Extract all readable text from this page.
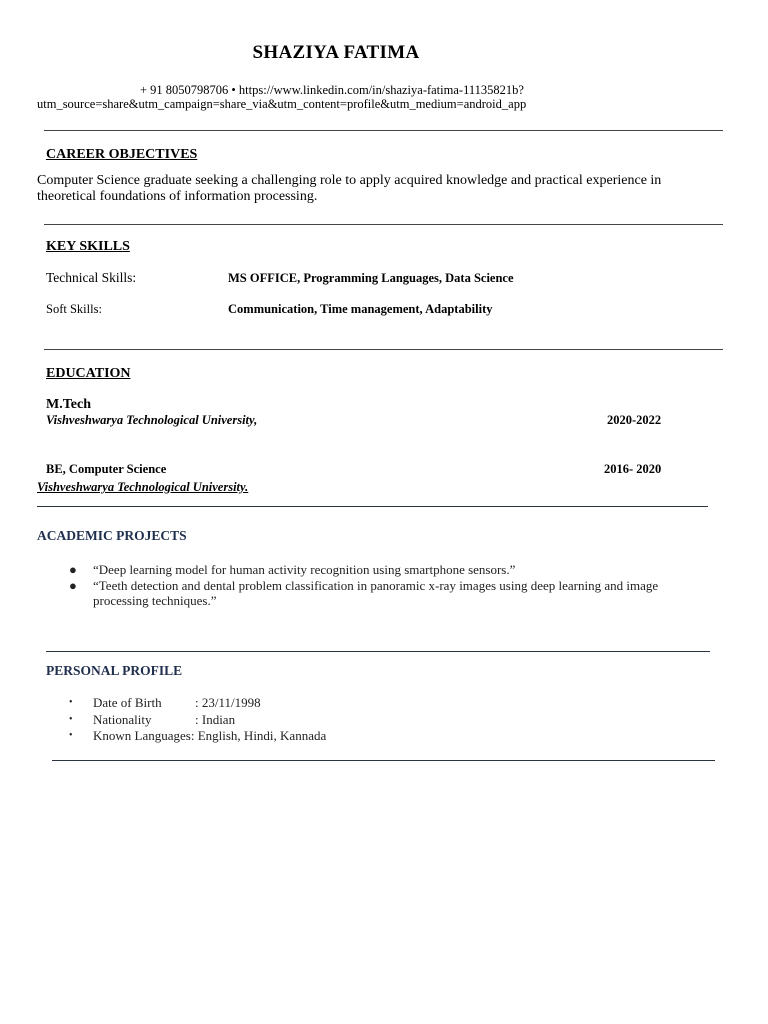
SHAZIYA FATIMA
+ 91 8050798706 • https://www.linkedin.com/in/shaziya-fatima-11135821b?
utm_source=share&utm_campaign=share_via&utm_content=profile&utm_medium=android_app
CAREER OBJECTIVES
Computer Science graduate seeking a challenging role to apply acquired knowledge and practical experience in theoretical foundations of information processing.
KEY SKILLS
Technical Skills:	MS OFFICE, Programming Languages, Data Science
Soft Skills:	Communication, Time management, Adaptability
EDUCATION
M.Tech
Vishveshwarya Technological University,	2020-2022
BE, Computer Science	2016- 2020
Vishveshwarya Technological University.
ACADEMIC PROJECTS
● “Deep learning model for human activity recognition using smartphone sensors.”
● “Teeth detection and dental problem classification in panoramic x-ray images using deep learning and image processing techniques.”
PERSONAL PROFILE
• Date of Birth	: 23/11/1998
• Nationality	: Indian
• Known Languages: English, Hindi, Kannada
